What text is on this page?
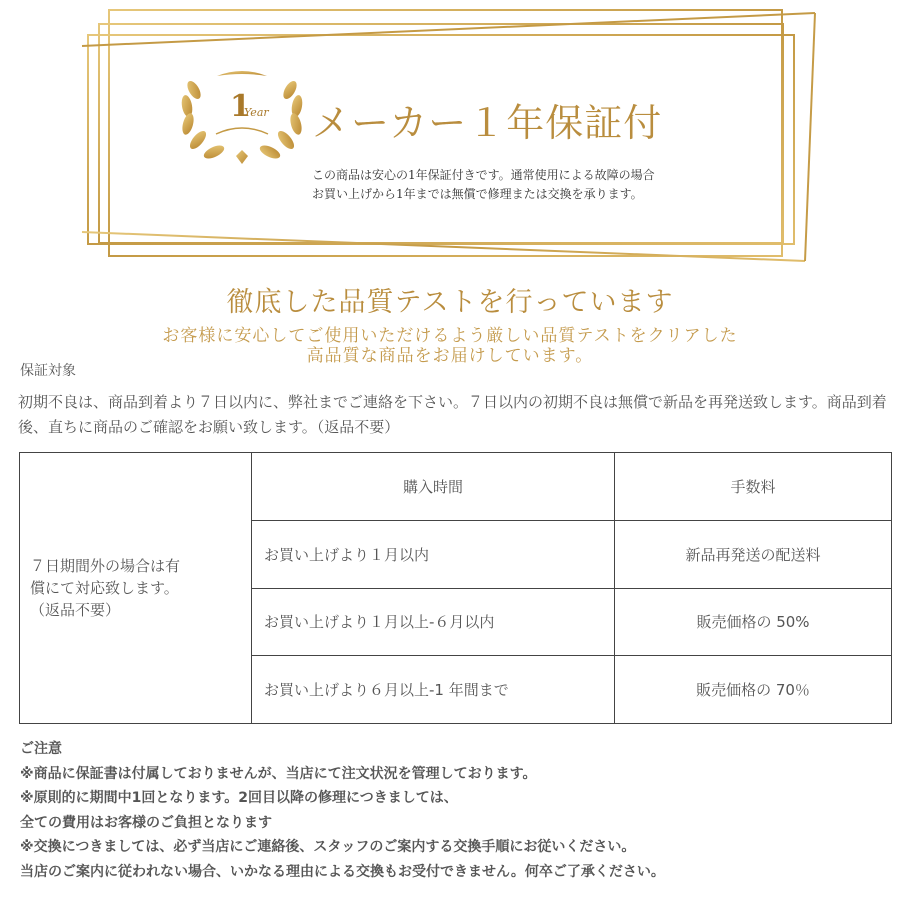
1
Year メーカー１年保証付
この商品は安心の1年保証付きです。通常使用による故障の場合
お買い上げから1年までは無償で修理または交換を承ります。
徹底した品質テストを行っています
お客様に安心してご使用いただけるよう厳しい品質テストをクリアした
高品質な商品をお届けしています。
保証対象
初期不良は、商品到着より７日以内に、弊社までご連絡を下さい。７日以内の初期不良は無償で新品を再発送致します。商品到着後、直ちに商品のご確認をお願い致します。（返品不要）
７日期間外の場合は有
償にて対応致します。
（返品不要）	購入時間	手数料
	お買い上げより１月以内	新品再発送の配送料
	お買い上げより１月以上-６月以内	販売価格の 50%
	お買い上げより６月以上-1 年間まで	販売価格の 70％
ご注意
※商品に保証書は付属しておりませんが、当店にて注文状況を管理しております。
※原則的に期間中1回となります。2回目以降の修理につきましては、
全ての費用はお客様のご負担となります
※交換につきましては、必ず当店にご連絡後、スタッフのご案内する交換手順にお従いください。
当店のご案内に従われない場合、いかなる理由による交換もお受付できません。何卒ご了承ください。
